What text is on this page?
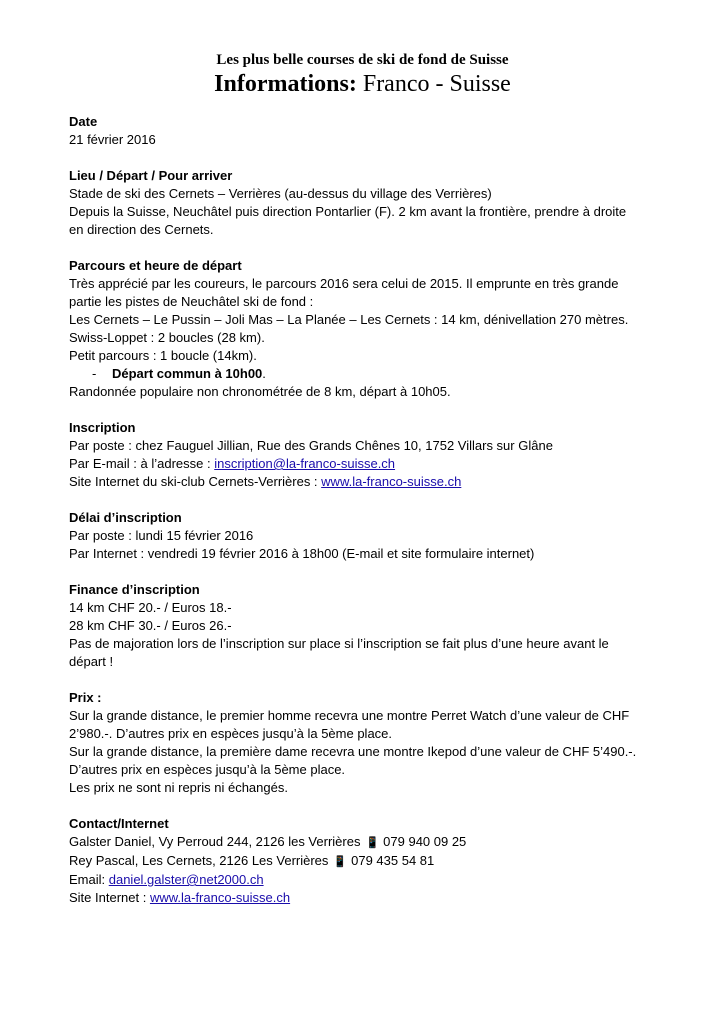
Les plus belle courses de ski de fond de Suisse
Informations: Franco - Suisse
Date
21 février 2016
Lieu / Départ / Pour arriver
Stade de ski des Cernets – Verrières (au-dessus du village des Verrières)
Depuis la Suisse, Neuchâtel puis direction Pontarlier (F). 2 km avant la frontière, prendre à droite en direction des Cernets.
Parcours et heure de départ
Très apprécié par les coureurs, le parcours 2016 sera celui de 2015. Il emprunte en très grande partie les pistes de Neuchâtel ski de fond :
Les Cernets – Le Pussin – Joli Mas – La Planée – Les Cernets : 14 km, dénivellation 270 mètres.
Swiss-Loppet : 2 boucles (28 km).
Petit parcours : 1 boucle (14km).
- Départ commun à 10h00.
Randonnée populaire non chronométrée de 8 km, départ à 10h05.
Inscription
Par poste : chez Fauguel Jillian, Rue des Grands Chênes 10, 1752 Villars sur Glâne
Par E-mail : à l’adresse : inscription@la-franco-suisse.ch
Site Internet du ski-club Cernets-Verrières : www.la-franco-suisse.ch
Délai d’inscription
Par poste : lundi 15 février 2016
Par Internet : vendredi 19 février 2016 à 18h00 (E-mail et site formulaire internet)
Finance d’inscription
14 km CHF 20.- / Euros 18.-
28 km CHF 30.- / Euros 26.-
Pas de majoration lors de l’inscription sur place si l’inscription se fait plus d’une heure avant le départ !
Prix :
Sur la grande distance, le premier homme recevra une montre Perret Watch d’une valeur de CHF 2’980.-. D’autres prix en espèces jusqu’à la 5ème place.
Sur la grande distance, la première dame recevra une montre Ikepod d’une valeur de CHF 5’490.-. D’autres prix en espèces jusqu’à la 5ème place.
Les prix ne sont ni repris ni échangés.
Contact/Internet
Galster Daniel, Vy Perroud 244, 2126 les Verrières 📱 079 940 09 25
Rey Pascal, Les Cernets, 2126 Les Verrières 📱 079 435 54 81
Email: daniel.galster@net2000.ch
Site Internet : www.la-franco-suisse.ch
